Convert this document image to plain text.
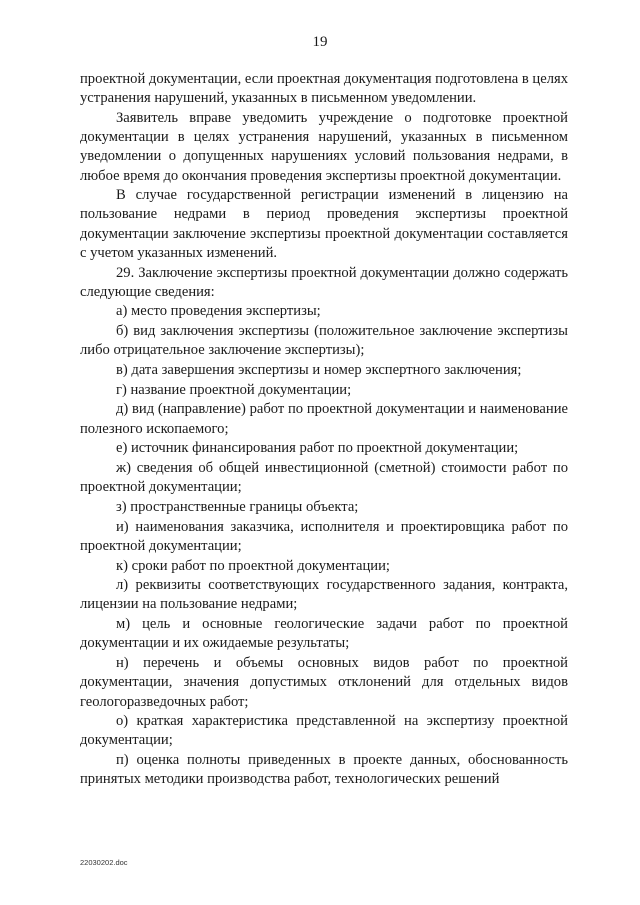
19

проектной документации, если проектная документация подготовлена в целях устранения нарушений, указанных в письменном уведомлении.

Заявитель вправе уведомить учреждение о подготовке проектной документации в целях устранения нарушений, указанных в письменном уведомлении о допущенных нарушениях условий пользования недрами, в любое время до окончания проведения экспертизы проектной документации.

В случае государственной регистрации изменений в лицензию на пользование недрами в период проведения экспертизы проектной документации заключение экспертизы проектной документации составляется с учетом указанных изменений.

29. Заключение экспертизы проектной документации должно содержать следующие сведения:

а) место проведения экспертизы;

б) вид заключения экспертизы (положительное заключение экспертизы либо отрицательное заключение экспертизы);

в) дата завершения экспертизы и номер экспертного заключения;

г) название проектной документации;

д) вид (направление) работ по проектной документации и наименование полезного ископаемого;

е) источник финансирования работ по проектной документации;

ж) сведения об общей инвестиционной (сметной) стоимости работ по проектной документации;

з) пространственные границы объекта;

и) наименования заказчика, исполнителя и проектировщика работ по проектной документации;

к) сроки работ по проектной документации;

л) реквизиты соответствующих государственного задания, контракта, лицензии на пользование недрами;

м) цель и основные геологические задачи работ по проектной документации и их ожидаемые результаты;

н) перечень и объемы основных видов работ по проектной документации, значения допустимых отклонений для отдельных видов геологоразведочных работ;

о) краткая характеристика представленной на экспертизу проектной документации;

п) оценка полноты приведенных в проекте данных, обоснованность принятых методики производства работ, технологических решений

22030202.doc
